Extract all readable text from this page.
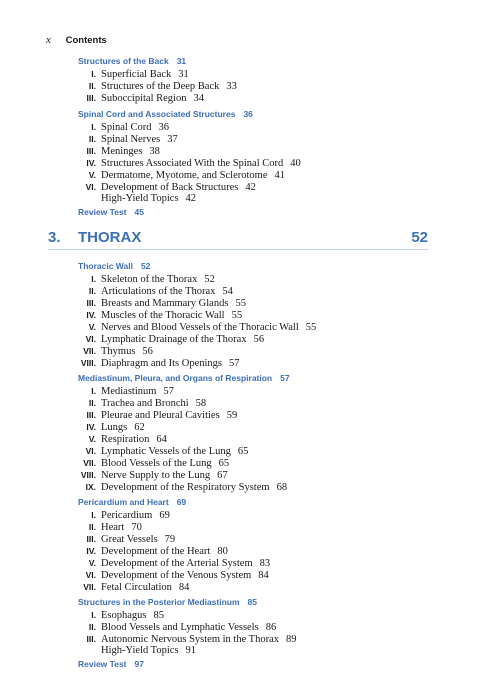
x Contents
Structures of the Back 31
I. Superficial Back 31
II. Structures of the Deep Back 33
III. Suboccipital Region 34
Spinal Cord and Associated Structures 36
I. Spinal Cord 36
II. Spinal Nerves 37
III. Meninges 38
IV. Structures Associated With the Spinal Cord 40
V. Dermatome, Myotome, and Sclerotome 41
VI. Development of Back Structures 42
High-Yield Topics 42
Review Test 45
3. THORAX	52
Thoracic Wall 52
I. Skeleton of the Thorax 52
II. Articulations of the Thorax 54
III. Breasts and Mammary Glands 55
IV. Muscles of the Thoracic Wall 55
V. Nerves and Blood Vessels of the Thoracic Wall 55
VI. Lymphatic Drainage of the Thorax 56
VII. Thymus 56
VIII. Diaphragm and Its Openings 57
Mediastinum, Pleura, and Organs of Respiration 57
I. Mediastinum 57
II. Trachea and Bronchi 58
III. Pleurae and Pleural Cavities 59
IV. Lungs 62
V. Respiration 64
VI. Lymphatic Vessels of the Lung 65
VII. Blood Vessels of the Lung 65
VIII. Nerve Supply to the Lung 67
IX. Development of the Respiratory System 68
Pericardium and Heart 69
I. Pericardium 69
II. Heart 70
III. Great Vessels 79
IV. Development of the Heart 80
V. Development of the Arterial System 83
VI. Development of the Venous System 84
VII. Fetal Circulation 84
Structures in the Posterior Mediastinum 85
I. Esophagus 85
II. Blood Vessels and Lymphatic Vessels 86
III. Autonomic Nervous System in the Thorax 89
High-Yield Topics 91
Review Test 97
